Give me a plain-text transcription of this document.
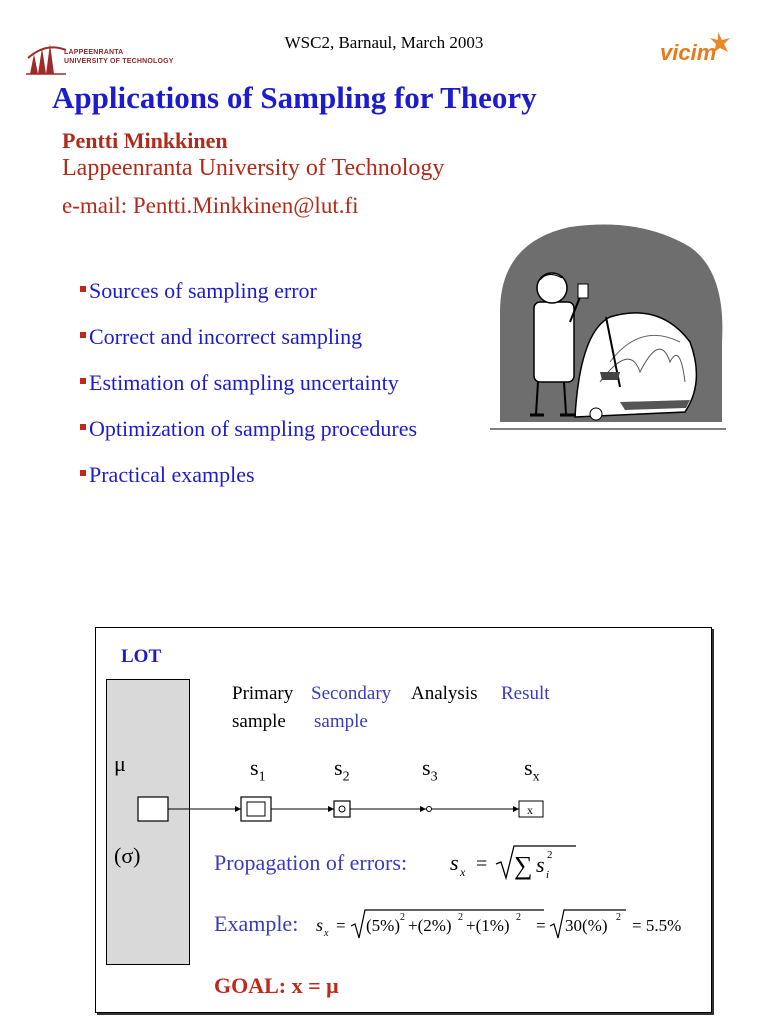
WSC2, Barnaul, March 2003
LAPPEENRANTA
UNIVERSITY OF TECHNOLOGY	vicim
Applications of Sampling for Theory
Pentti Minkkinen
Lappeenranta University of Technology
e-mail: Pentti.Minkkinen@lut.fi
Sources of sampling error
Correct and incorrect sampling
Estimation of sampling uncertainty
Optimization of sampling procedures
Practical examples
LOT
μ
(σ)
Primary
sample
Secondary
sample
Analysis Result
$s_1$	$s_2$	$s_3$	$s_x$
x
Propagation of errors: s x = ∑ s i
2
Example: s x = (5%) 2 +(2%) 2 +(1%) 2 = 30(%) 2 = 5.5%
GOAL: x = μ
